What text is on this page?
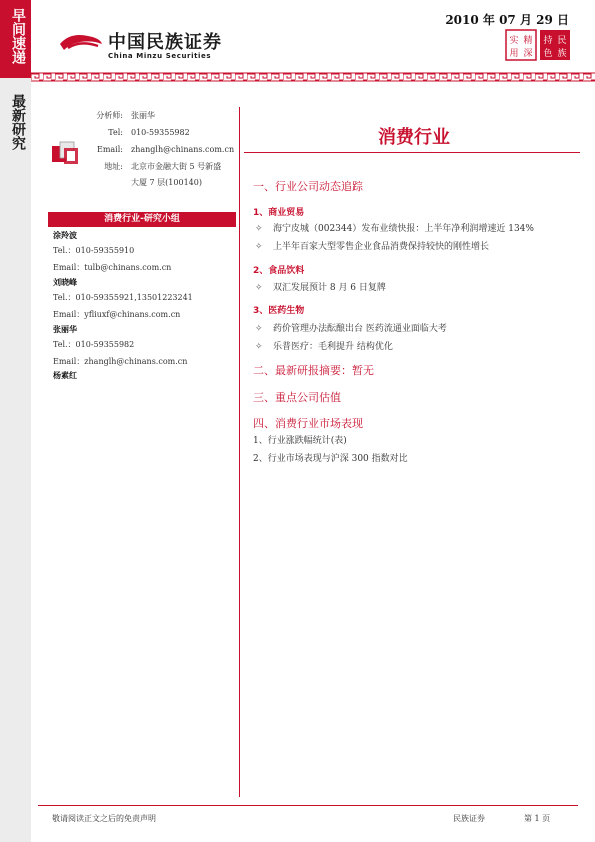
早间速递
最新研究
中国民族证券
China Minzu Securities
2010 年 07 月 29 日
实 精
用 深
持 民
色 族
分析师: 张丽华
Tel: 010-59355982
Email: zhanglh@chinans.com.cn
地址: 北京市金融大街 5 号新盛
大厦 7 层(100140)
消费行业-研究小组
涂羚波
Tel.：010-59355910
Email：tulb@chinans.com.cn
刘晓峰
Tel.：010-59355921,13501223241
Email：yfliuxf@chinans.com.cn
张丽华
Tel.：010-59355982
Email：zhanglh@chinans.com.cn
杨素红
消费行业
一、行业公司动态追踪
1、商业贸易
✧ 海宁皮城（002344）发布业绩快报：上半年净利润增速近 134%
✧ 上半年百家大型零售企业食品消费保持较快的刚性增长
2、食品饮料
✧ 双汇发展预计 8 月 6 日复牌
3、医药生物
✧ 药价管理办法酝酿出台 医药流通业面临大考
✧ 乐普医疗：毛利提升 结构优化
二、最新研报摘要：暂无
三、重点公司估值
四、消费行业市场表现
1、行业涨跌幅统计(表)
2、行业市场表现与沪深 300 指数对比
敬请阅读正文之后的免责声明	民族证券	第 1 页
